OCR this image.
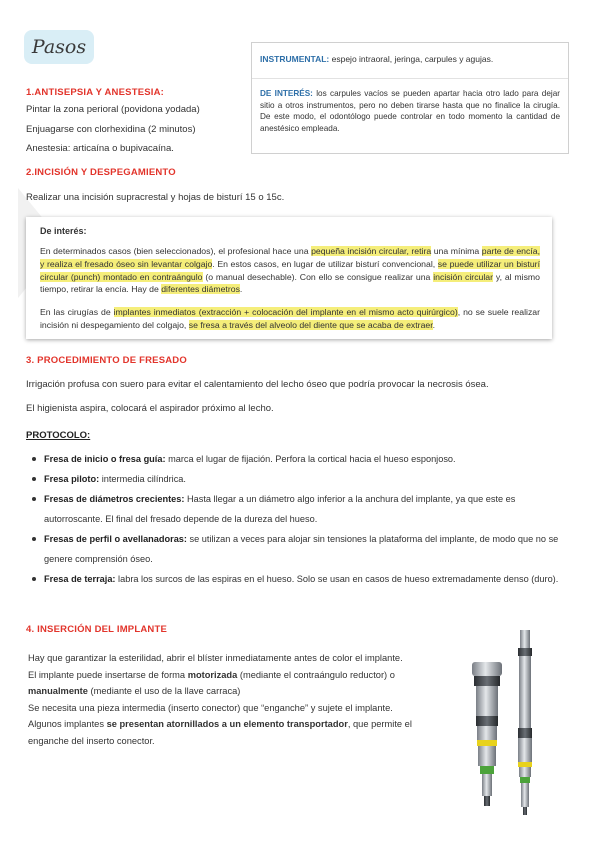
Pasos
INSTRUMENTAL: espejo intraoral, jeringa, carpules y agujas.
DE INTERÉS: los carpules vacíos se pueden apartar hacia otro lado para dejar sitio a otros instrumentos, pero no deben tirarse hasta que no finalice la cirugía. De este modo, el odontólogo puede controlar en todo momento la cantidad de anestésico empleada.
1.ANTISEPSIA Y ANESTESIA:
Pintar la zona perioral (povidona yodada)
Enjuagarse con clorhexidina (2 minutos)
Anestesia: articaína o bupivacaína.
2.INCISIÓN Y DESPEGAMIENTO
Realizar una incisión supracrestal y hojas de bisturí 15 o 15c.
De interés:
En determinados casos (bien seleccionados), el profesional hace una pequeña incisión circular, retira una mínima parte de encía, y realiza el fresado óseo sin levantar colgajo. En estos casos, en lugar de utilizar bisturí convencional, se puede utilizar un bisturí circular (punch) montado en contraángulo (o manual desechable). Con ello se consigue realizar una incisión circular y, al mismo tiempo, retirar la encía. Hay de diferentes diámetros.
En las cirugías de implantes inmediatos (extracción + colocación del implante en el mismo acto quirúrgico), no se suele realizar incisión ni despegamiento del colgajo, se fresa a través del alveolo del diente que se acaba de extraer.
3. PROCEDIMIENTO DE FRESADO
Irrigación profusa con suero para evitar el calentamiento del lecho óseo que podría provocar la necrosis ósea.
El higienista aspira, colocará el aspirador próximo al lecho.
PROTOCOLO:
Fresa de inicio o fresa guía: marca el lugar de fijación. Perfora la cortical hacia el hueso esponjoso.
Fresa piloto: intermedia cilíndrica.
Fresas de diámetros crecientes: Hasta llegar a un diámetro algo inferior a la anchura del implante, ya que este es autorroscante. El final del fresado depende de la dureza del hueso.
Fresas de perfil o avellanadoras: se utilizan a veces para alojar sin tensiones la plataforma del implante, de modo que no se genere comprensión óseo.
Fresa de terraja: labra los surcos de las espiras en el hueso. Solo se usan en casos de hueso extremadamente denso (duro).
4. INSERCIÓN DEL IMPLANTE
Hay que garantizar la esterilidad, abrir el blíster inmediatamente antes de color el implante.
El implante puede insertarse de forma motorizada (mediante el contraángulo reductor) o manualmente (mediante el uso de la llave carraca)
Se necesita una pieza intermedia (inserto conector) que “enganche” y sujete el implante.
Algunos implantes se presentan atornillados a un elemento transportador, que permite el enganche del inserto conector.
